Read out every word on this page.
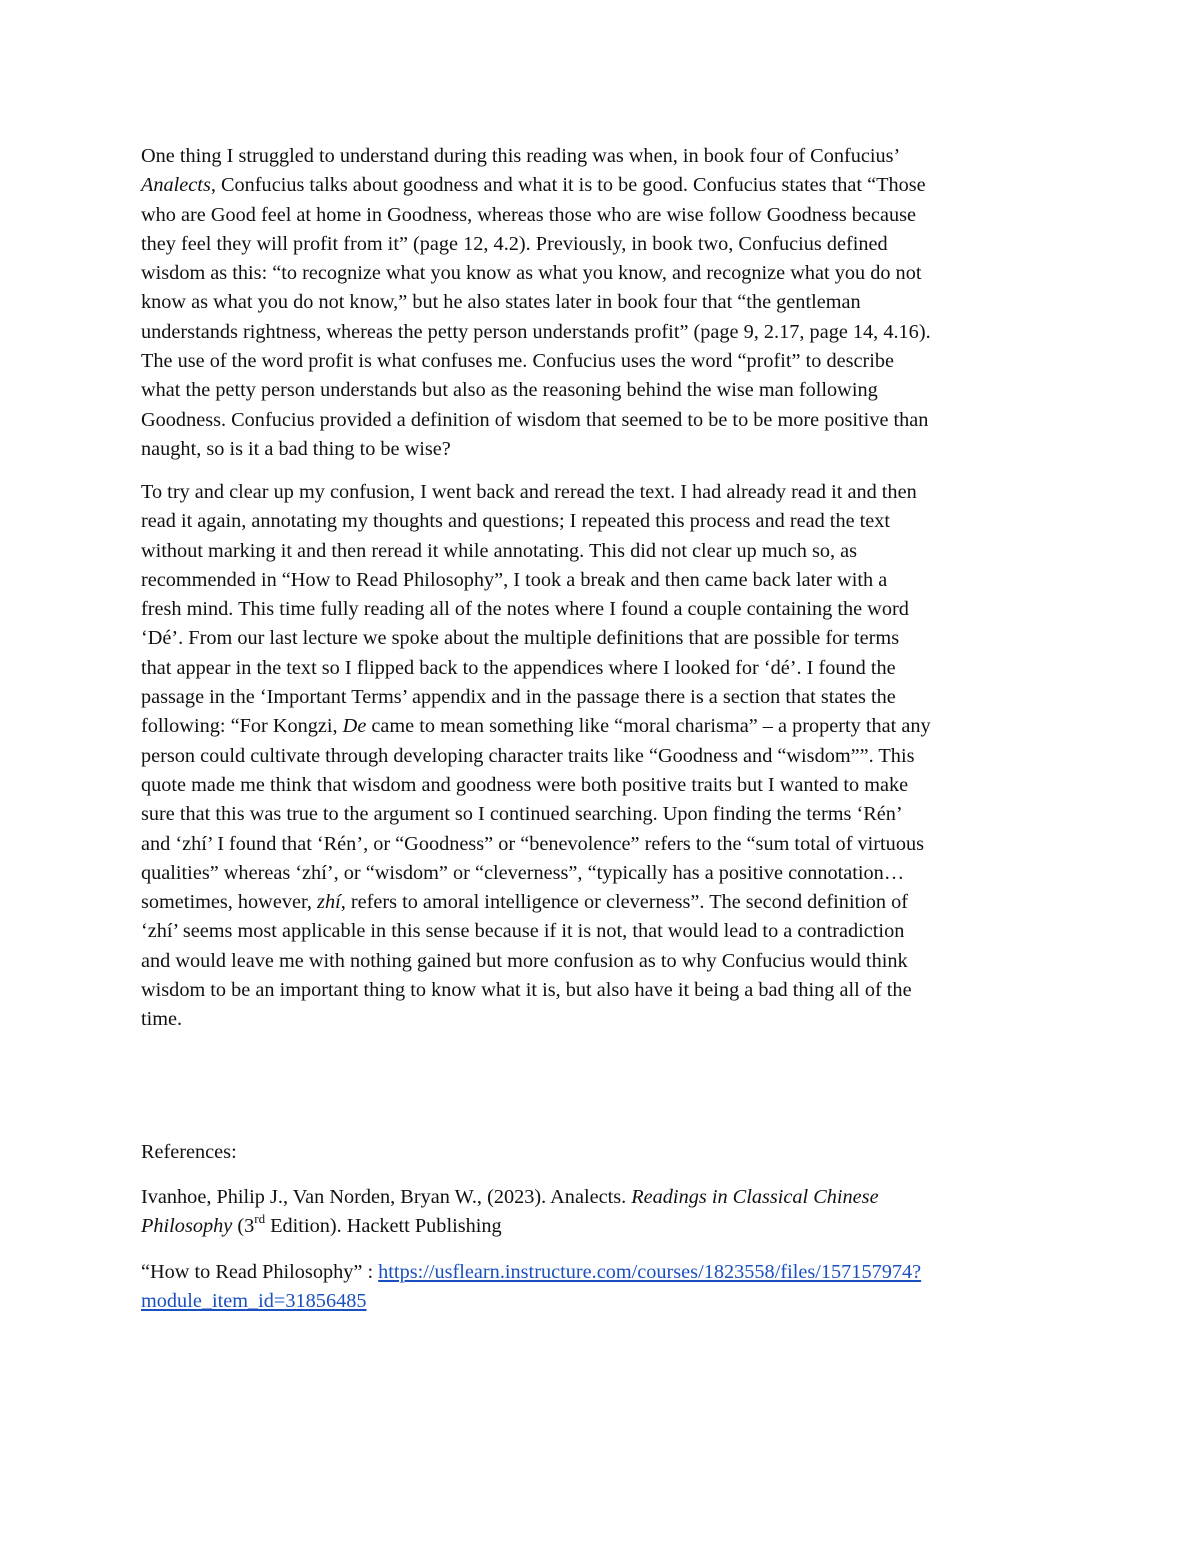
One thing I struggled to understand during this reading was when, in book four of Confucius’
Analects, Confucius talks about goodness and what it is to be good. Confucius states that “Those
who are Good feel at home in Goodness, whereas those who are wise follow Goodness because
they feel they will profit from it” (page 12, 4.2). Previously, in book two, Confucius defined
wisdom as this: “to recognize what you know as what you know, and recognize what you do not
know as what you do not know,” but he also states later in book four that “the gentleman
understands rightness, whereas the petty person understands profit” (page 9, 2.17, page 14, 4.16).
The use of the word profit is what confuses me. Confucius uses the word “profit” to describe
what the petty person understands but also as the reasoning behind the wise man following
Goodness. Confucius provided a definition of wisdom that seemed to be to be more positive than
naught, so is it a bad thing to be wise?
To try and clear up my confusion, I went back and reread the text. I had already read it and then
read it again, annotating my thoughts and questions; I repeated this process and read the text
without marking it and then reread it while annotating. This did not clear up much so, as
recommended in “How to Read Philosophy”, I took a break and then came back later with a
fresh mind. This time fully reading all of the notes where I found a couple containing the word
‘Dé’. From our last lecture we spoke about the multiple definitions that are possible for terms
that appear in the text so I flipped back to the appendices where I looked for ‘dé’. I found the
passage in the ‘Important Terms’ appendix and in the passage there is a section that states the
following: “For Kongzi, De came to mean something like “moral charisma” – a property that any
person could cultivate through developing character traits like “Goodness and “wisdom””. This
quote made me think that wisdom and goodness were both positive traits but I wanted to make
sure that this was true to the argument so I continued searching. Upon finding the terms ‘Rén’
and ‘zhí’ I found that ‘Rén’, or “Goodness” or “benevolence” refers to the “sum total of virtuous
qualities” whereas ‘zhí’, or “wisdom” or “cleverness”, “typically has a positive connotation…
sometimes, however, zhí, refers to amoral intelligence or cleverness”. The second definition of
‘zhí’ seems most applicable in this sense because if it is not, that would lead to a contradiction
and would leave me with nothing gained but more confusion as to why Confucius would think
wisdom to be an important thing to know what it is, but also have it being a bad thing all of the
time.
References:
Ivanhoe, Philip J., Van Norden, Bryan W., (2023). Analects. Readings in Classical Chinese
Philosophy (3rd Edition). Hackett Publishing
“How to Read Philosophy” : https://usflearn.instructure.com/courses/1823558/files/157157974?
module_item_id=31856485
